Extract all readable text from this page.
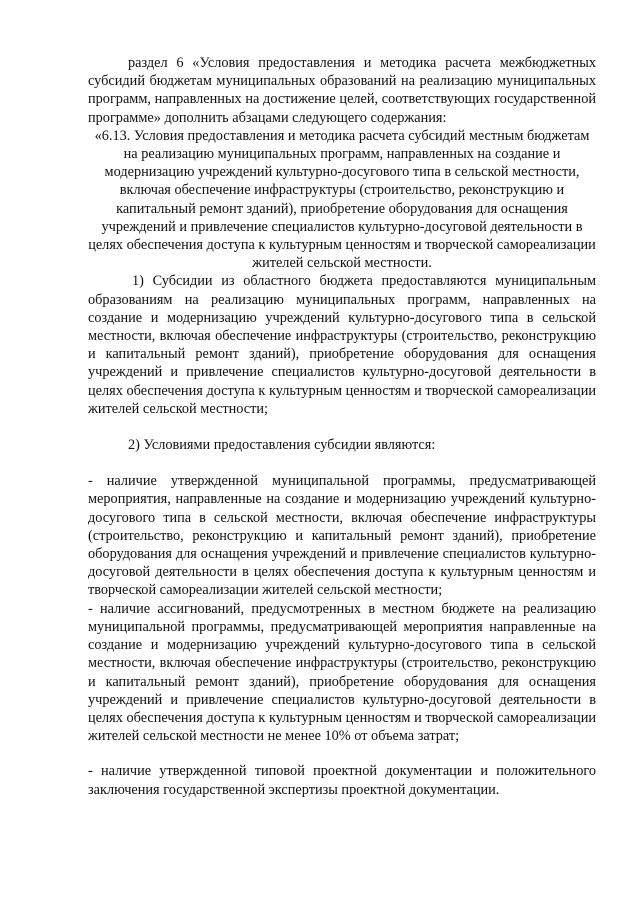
раздел 6 «Условия предоставления и методика расчета межбюджетных субсидий бюджетам муниципальных образований на реализацию муниципальных программ, направленных на достижение целей, соответствующих государственной программе» дополнить абзацами следующего содержания:

«6.13. Условия предоставления и методика расчета субсидий местным бюджетам на реализацию муниципальных программ, направленных на создание и модернизацию учреждений культурно-досугового типа в сельской местности, включая обеспечение инфраструктуры (строительство, реконструкцию и капитальный ремонт зданий), приобретение оборудования для оснащения учреждений и привлечение специалистов культурно-досуговой деятельности в целях обеспечения доступа к культурным ценностям и творческой самореализации жителей сельской местности.

1) Субсидии из областного бюджета предоставляются муниципальным образованиям на реализацию муниципальных программ, направленных на создание и модернизацию учреждений культурно-досугового типа в сельской местности, включая обеспечение инфраструктуры (строительство, реконструкцию и капитальный ремонт зданий), приобретение оборудования для оснащения учреждений и привлечение специалистов культурно-досуговой деятельности в целях обеспечения доступа к культурным ценностям и творческой самореализации жителей сельской местности;

2) Условиями предоставления субсидии являются:

- наличие утвержденной муниципальной программы, предусматривающей мероприятия, направленные на создание и модернизацию учреждений культурно-досугового типа в сельской местности, включая обеспечение инфраструктуры (строительство, реконструкцию и капитальный ремонт зданий), приобретение оборудования для оснащения учреждений и привлечение специалистов культурно-досуговой деятельности в целях обеспечения доступа к культурным ценностям и творческой самореализации жителей сельской местности;

- наличие ассигнований, предусмотренных в местном бюджете на реализацию муниципальной программы, предусматривающей мероприятия направленные на создание и модернизацию учреждений культурно-досугового типа в сельской местности, включая обеспечение инфраструктуры (строительство, реконструкцию и капитальный ремонт зданий), приобретение оборудования для оснащения учреждений и привлечение специалистов культурно-досуговой деятельности в целях обеспечения доступа к культурным ценностям и творческой самореализации жителей сельской местности не менее 10% от объема затрат;

- наличие утвержденной типовой проектной документации и положительного заключения государственной экспертизы проектной документации.
